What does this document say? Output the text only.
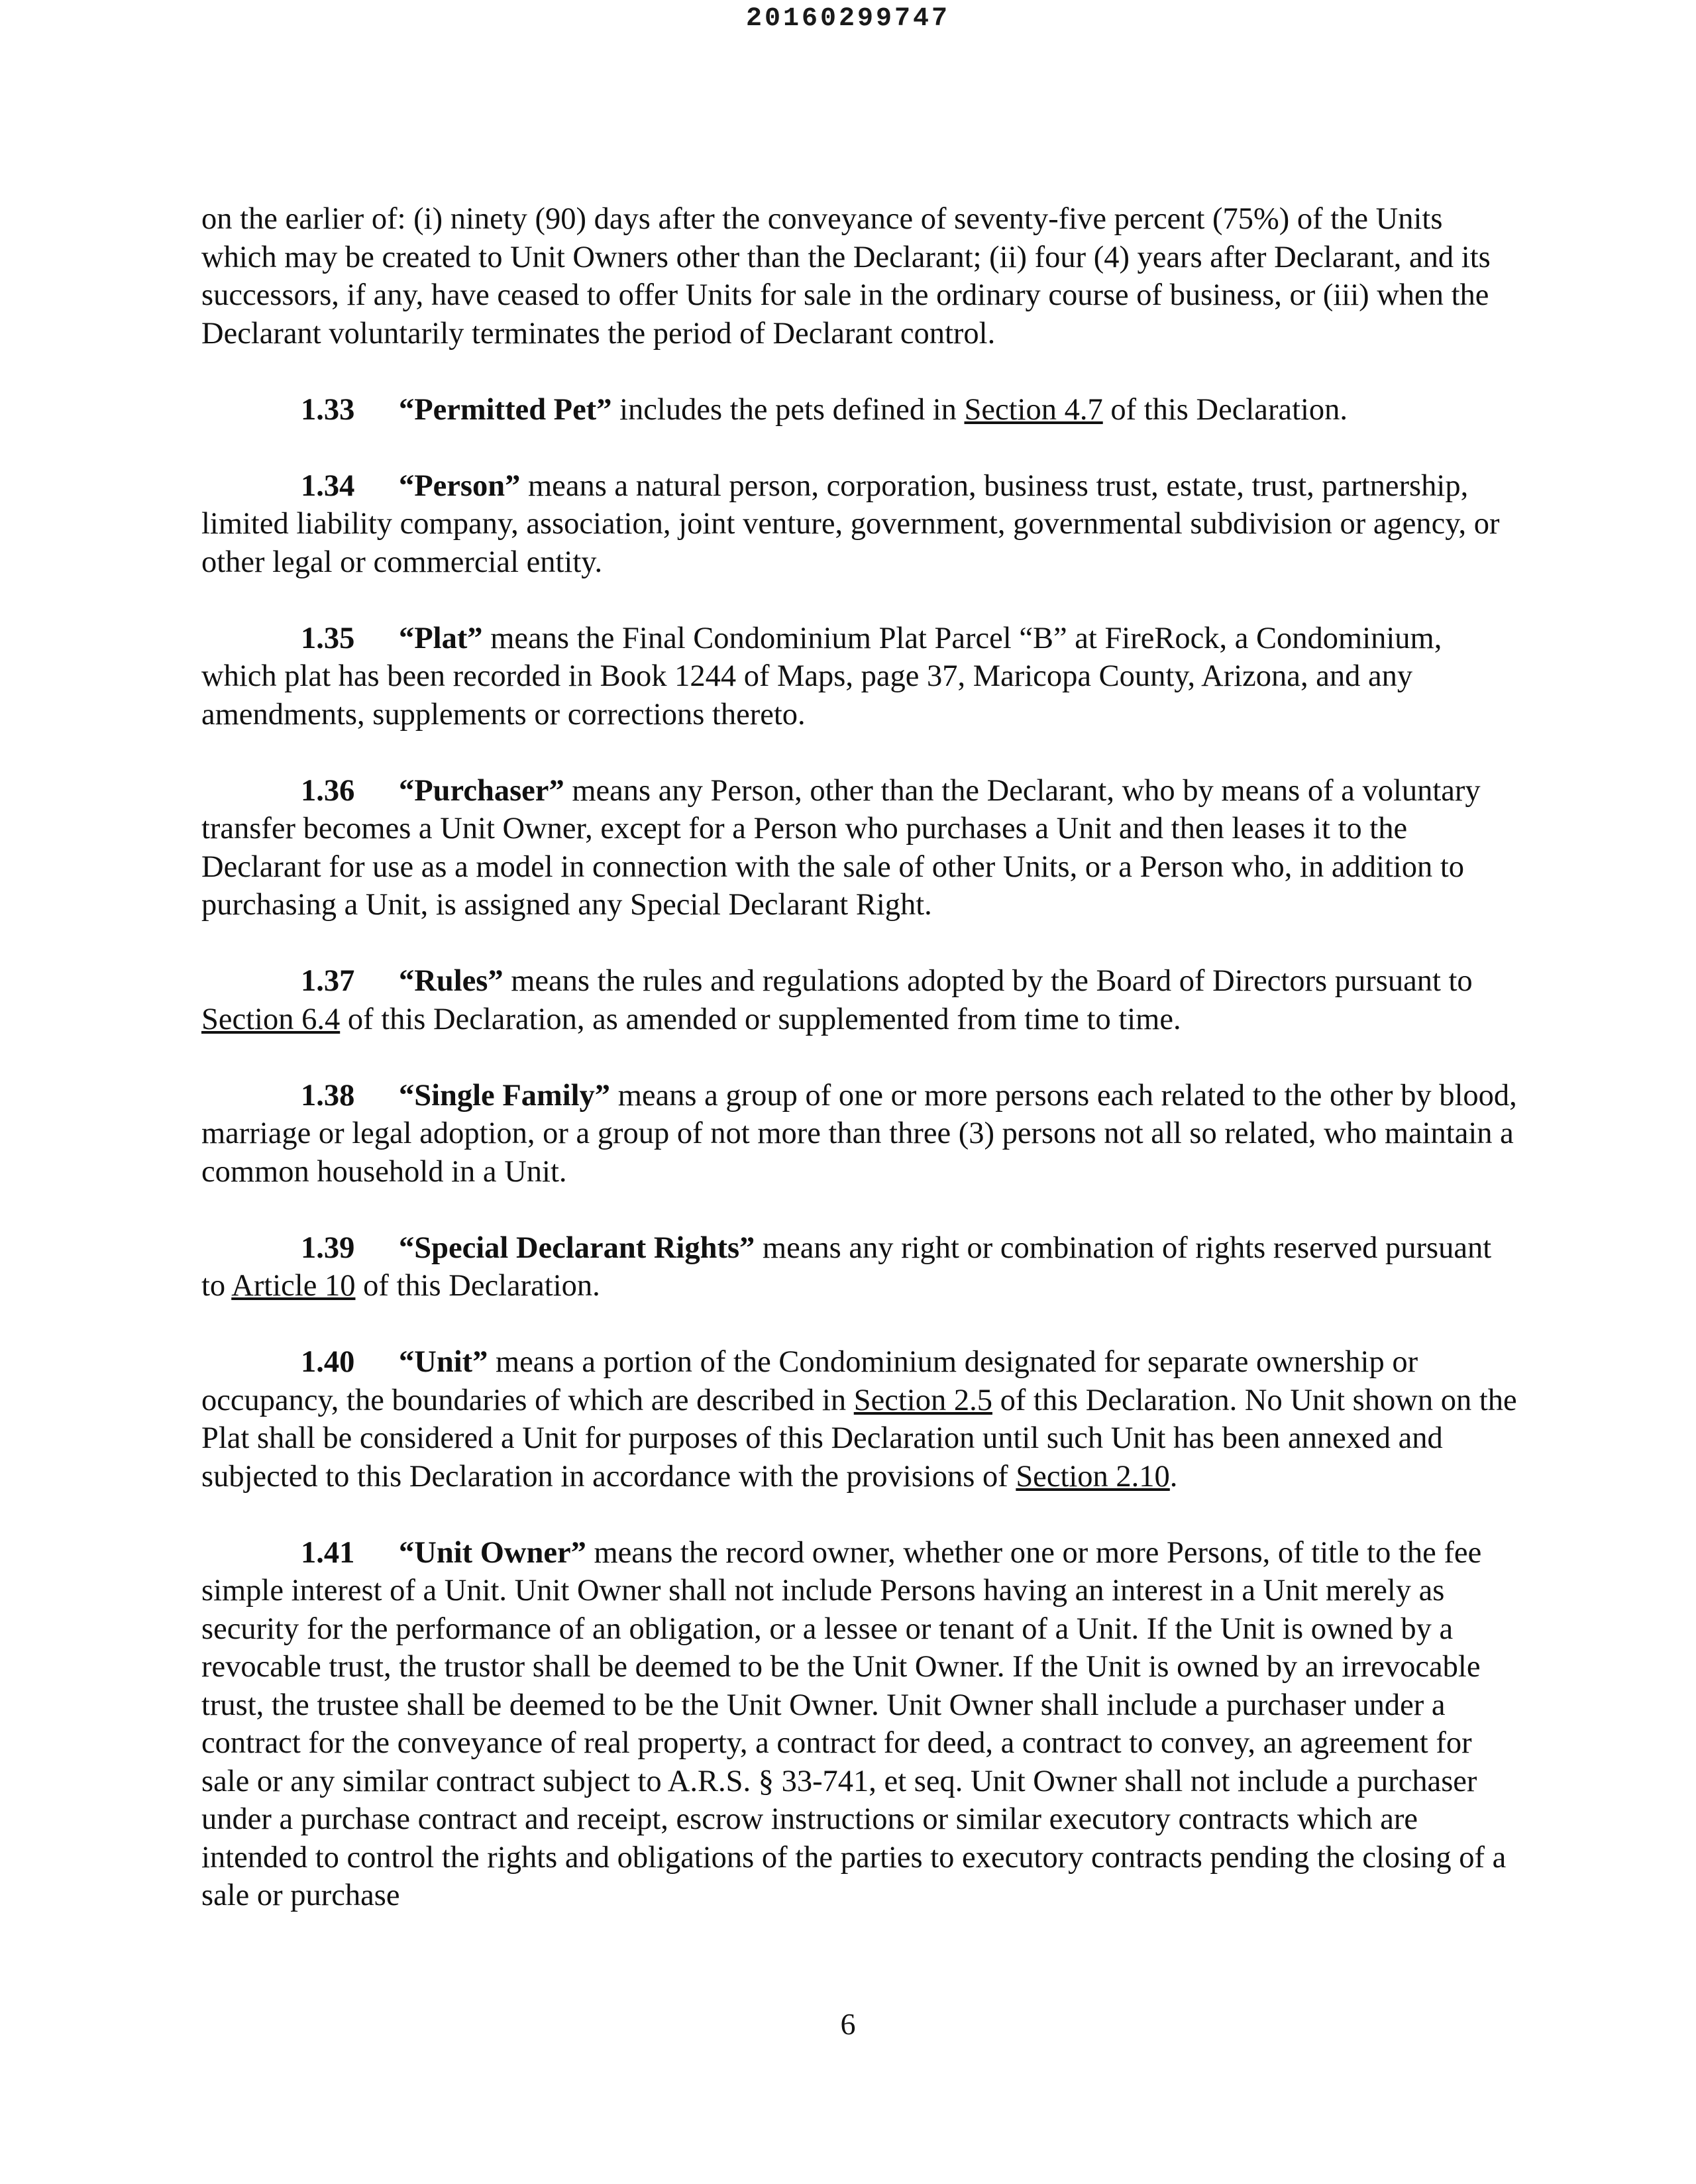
20160299747

on the earlier of: (i) ninety (90) days after the conveyance of seventy-five percent (75%) of the Units which may be created to Unit Owners other than the Declarant; (ii) four (4) years after Declarant, and its successors, if any, have ceased to offer Units for sale in the ordinary course of business, or (iii) when the Declarant voluntarily terminates the period of Declarant control.

1.33 “Permitted Pet” includes the pets defined in Section 4.7 of this Declaration.

1.34 “Person” means a natural person, corporation, business trust, estate, trust, partnership, limited liability company, association, joint venture, government, governmental subdivision or agency, or other legal or commercial entity.

1.35 “Plat” means the Final Condominium Plat Parcel “B” at FireRock, a Condominium, which plat has been recorded in Book 1244 of Maps, page 37, Maricopa County, Arizona, and any amendments, supplements or corrections thereto.

1.36 “Purchaser” means any Person, other than the Declarant, who by means of a voluntary transfer becomes a Unit Owner, except for a Person who purchases a Unit and then leases it to the Declarant for use as a model in connection with the sale of other Units, or a Person who, in addition to purchasing a Unit, is assigned any Special Declarant Right.

1.37 “Rules” means the rules and regulations adopted by the Board of Directors pursuant to Section 6.4 of this Declaration, as amended or supplemented from time to time.

1.38 “Single Family” means a group of one or more persons each related to the other by blood, marriage or legal adoption, or a group of not more than three (3) persons not all so related, who maintain a common household in a Unit.

1.39 “Special Declarant Rights” means any right or combination of rights reserved pursuant to Article 10 of this Declaration.

1.40 “Unit” means a portion of the Condominium designated for separate ownership or occupancy, the boundaries of which are described in Section 2.5 of this Declaration. No Unit shown on the Plat shall be considered a Unit for purposes of this Declaration until such Unit has been annexed and subjected to this Declaration in accordance with the provisions of Section 2.10.

1.41 “Unit Owner” means the record owner, whether one or more Persons, of title to the fee simple interest of a Unit. Unit Owner shall not include Persons having an interest in a Unit merely as security for the performance of an obligation, or a lessee or tenant of a Unit. If the Unit is owned by a revocable trust, the trustor shall be deemed to be the Unit Owner. If the Unit is owned by an irrevocable trust, the trustee shall be deemed to be the Unit Owner. Unit Owner shall include a purchaser under a contract for the conveyance of real property, a contract for deed, a contract to convey, an agreement for sale or any similar contract subject to A.R.S. § 33-741, et seq. Unit Owner shall not include a purchaser under a purchase contract and receipt, escrow instructions or similar executory contracts which are intended to control the rights and obligations of the parties to executory contracts pending the closing of a sale or purchase

6
